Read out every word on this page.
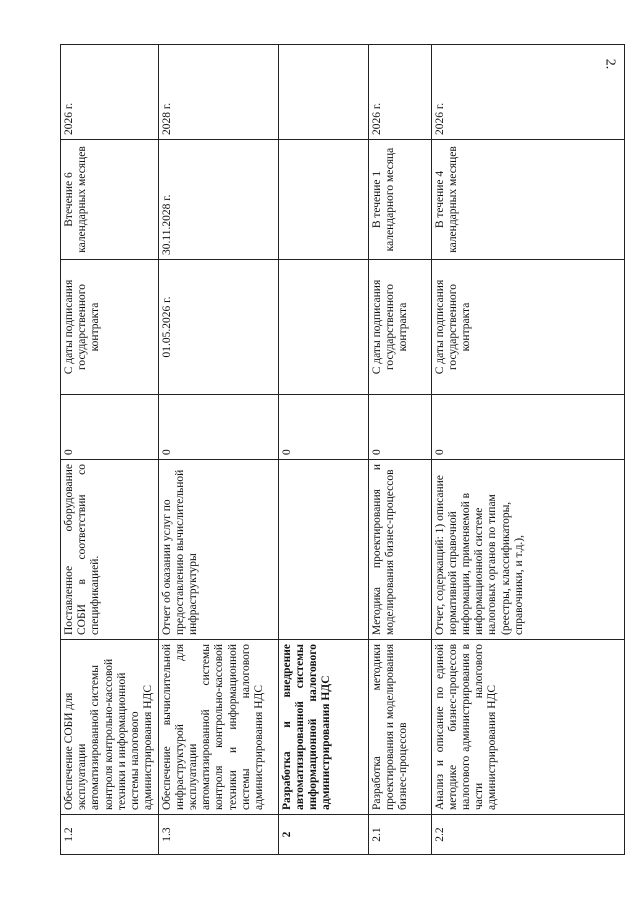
2.
1.2	Обеспечение СОБИ для эксплуатации автоматизированной системы контроля контрольно-кассовой техники и информационной системы налогового администрирования НДС	Поставленное оборудование СОБИ в соответствии со спецификацией.	0	С даты подписания государственного контракта	Втечение 6 календарных месяцев	2026 г.
1.3	Обеспечение вычислительной инфраструктурой для эксплуатации автоматизированной системы контроля контрольно-кассовой техники и информационной системы налогового администрирования НДС	Отчет об оказании услуг по предоставлению вычислительной инфраструктуры	0	01.05.2026 г.	30.11.2028 г.	2028 г.
2	Разработка и внедрение автоматизированной системы информационной налогового администрирования НДС		0			
2.1	Разработка методики проектирования и моделирования бизнес-процессов	Методика проектирования и моделирования бизнес-процессов	0	С даты подписания государственного контракта	В течение 1 календарного месяца	2026 г.
2.2	Анализ и описание по единой методике бизнес-процессов налогового администрирования в части налогового администрирования НДС	Отчет, содержащий: 1) описание нормативной справочной информации, применяемой в информационной системе налоговых органов по типам (реестры, классификаторы, справочники, и т.д.),	0	С даты подписания государственного контракта	В течение 4 календарных месяцев	2026 г.
